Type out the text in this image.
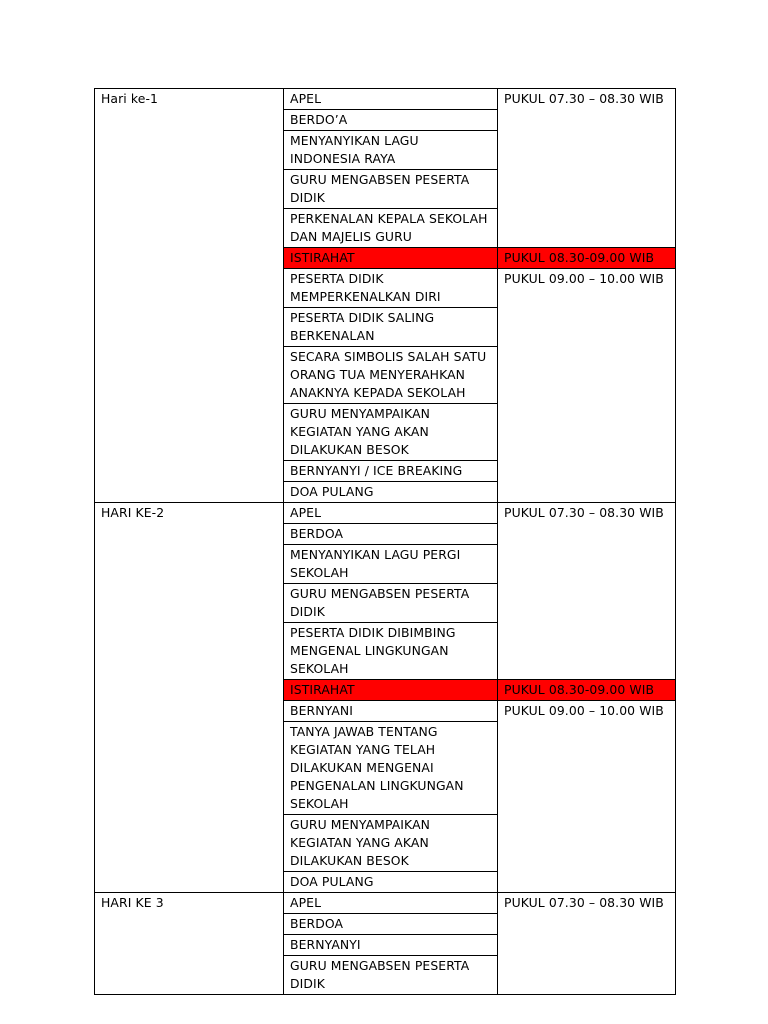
Hari ke-1	APEL	PUKUL 07.30 – 08.30 WIB
	BERDO’A	
	MENYANYIKAN LAGU INDONESIA RAYA	
	GURU MENGABSEN PESERTA DIDIK	
	PERKENALAN KEPALA SEKOLAH DAN MAJELIS GURU	
	ISTIRAHAT	PUKUL 08.30-09.00 WIB
	PESERTA DIDIK MEMPERKENALKAN DIRI	PUKUL 09.00 – 10.00 WIB
	PESERTA DIDIK SALING BERKENALAN	
	SECARA SIMBOLIS SALAH SATU ORANG TUA MENYERAHKAN ANAKNYA KEPADA SEKOLAH	
	GURU MENYAMPAIKAN KEGIATAN YANG AKAN DILAKUKAN BESOK	
	BERNYANYI / ICE BREAKING	
	DOA PULANG	
HARI KE-2	APEL	PUKUL 07.30 – 08.30 WIB
	BERDOA	
	MENYANYIKAN LAGU PERGI SEKOLAH	
	GURU MENGABSEN PESERTA DIDIK	
	PESERTA DIDIK DIBIMBING MENGENAL LINGKUNGAN SEKOLAH	
	ISTIRAHAT	PUKUL 08.30-09.00 WIB
	BERNYANI	PUKUL 09.00 – 10.00 WIB
	TANYA JAWAB TENTANG KEGIATAN YANG TELAH DILAKUKAN MENGENAI PENGENALAN LINGKUNGAN SEKOLAH	
	GURU MENYAMPAIKAN KEGIATAN YANG AKAN DILAKUKAN BESOK	
	DOA PULANG	
HARI KE 3	APEL	PUKUL 07.30 – 08.30 WIB
	BERDOA	
	BERNYANYI	
	GURU MENGABSEN PESERTA DIDIK	
